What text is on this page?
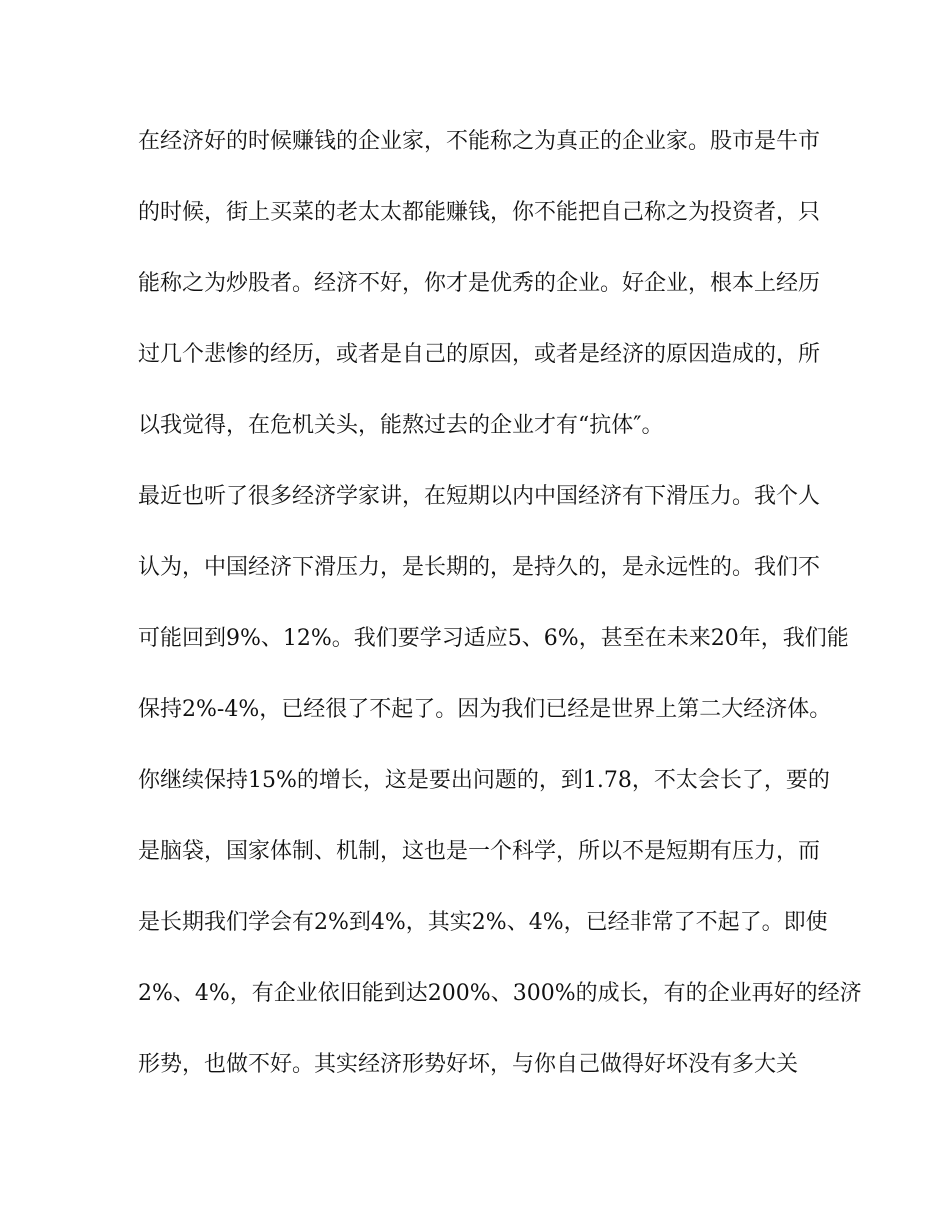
在经济好的时候赚钱的企业家，不能称之为真正的企业家。股市是牛市
的时候，街上买菜的老太太都能赚钱，你不能把自己称之为投资者，只
能称之为炒股者。经济不好，你才是优秀的企业。好企业，根本上经历
过几个悲惨的经历，或者是自己的原因，或者是经济的原因造成的，所
以我觉得，在危机关头，能熬过去的企业才有“抗体″。
最近也听了很多经济学家讲，在短期以内中国经济有下滑压力。我个人
认为，中国经济下滑压力，是长期的，是持久的，是永远性的。我们不
可能回到9%、12%。我们要学习适应5、6%，甚至在未来20年，我们能
保持2%-4%，已经很了不起了。因为我们已经是世界上第二大经济体。
你继续保持15%的增长，这是要出问题的，到1.78，不太会长了，要的
是脑袋，国家体制、机制，这也是一个科学，所以不是短期有压力，而
是长期我们学会有2%到4%，其实2%、4%，已经非常了不起了。即使
2%、4%，有企业依旧能到达200%、300%的成长，有的企业再好的经济
形势，也做不好。其实经济形势好坏，与你自己做得好坏没有多大关
